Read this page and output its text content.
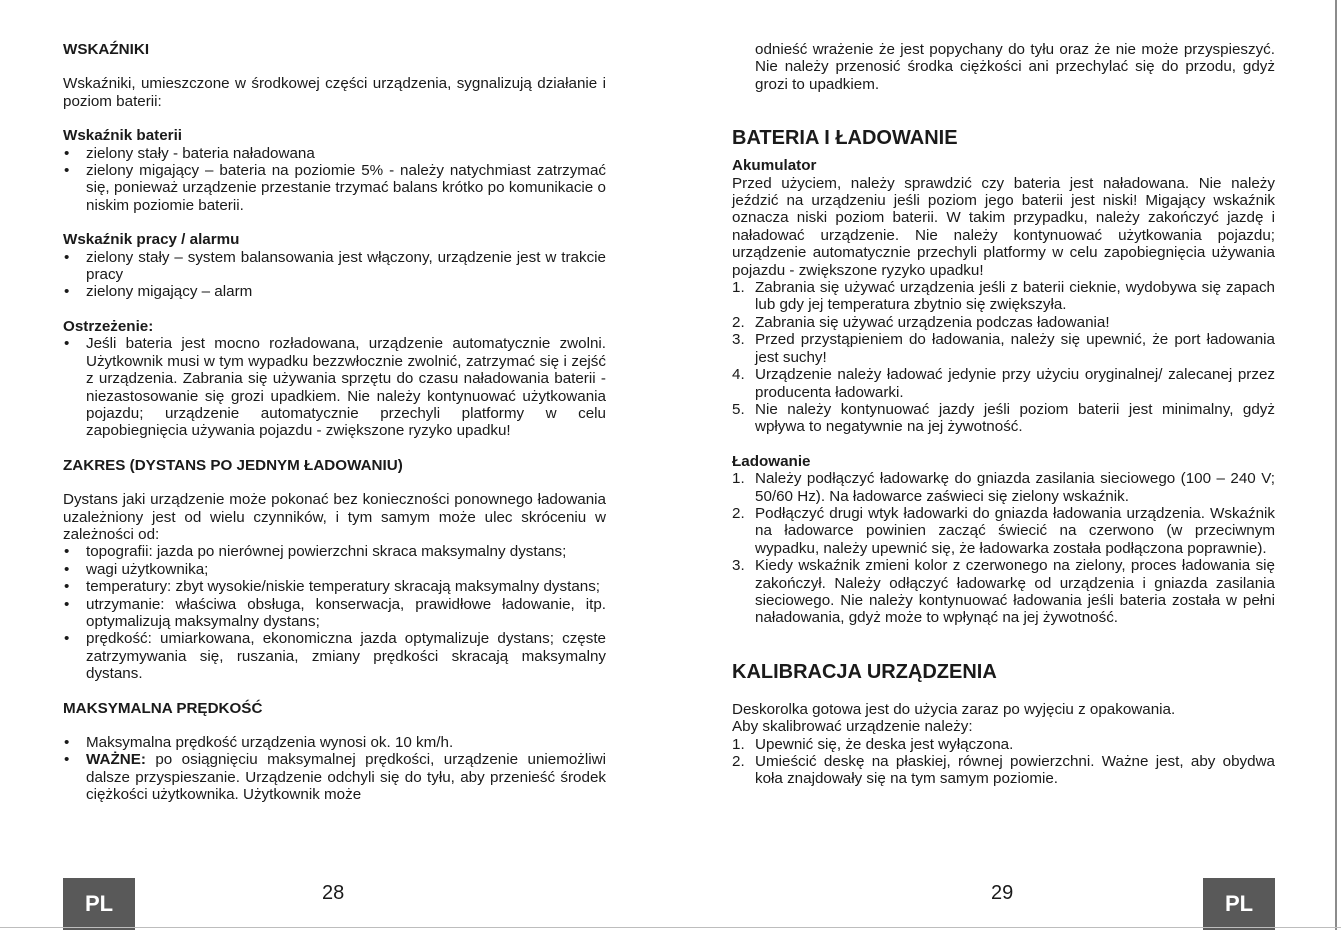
WSKAŹNIKI

Wskaźniki, umieszczone w środkowej części urządzenia, sygnalizują działanie i poziom baterii:

Wskaźnik baterii
• zielony stały - bateria naładowana
• zielony migający – bateria na poziomie 5% - należy natychmiast zatrzymać się, ponieważ urządzenie przestanie trzymać balans krótko po komunikacie o niskim poziomie baterii.
Wskaźnik pracy / alarmu
• zielony stały – system balansowania jest włączony, urządzenie jest w trakcie pracy
• zielony migający – alarm
Ostrzeżenie:
• Jeśli bateria jest mocno rozładowana, urządzenie automatycznie zwolni. Użytkownik musi w tym wypadku bezzwłocznie zwolnić, zatrzymać się i zejść z urządzenia. Zabrania się używania sprzętu do czasu naładowania baterii - niezastosowanie się grozi upadkiem. Nie należy kontynuować użytkowania pojazdu; urządzenie automatycznie przechyli platformy w celu zapobiegnięcia używania pojazdu - zwiększone ryzyko upadku!
ZAKRES (DYSTANS PO JEDNYM ŁADOWANIU)

Dystans jaki urządzenie może pokonać bez konieczności ponownego ładowania uzależniony jest od wielu czynników, i tym samym może ulec skróceniu w zależności od:

• topografii: jazda po nierównej powierzchni skraca maksymalny dystans;
• wagi użytkownika;
• temperatury: zbyt wysokie/niskie temperatury skracają maksymalny dystans;
• utrzymanie: właściwa obsługa, konserwacja, prawidłowe ładowanie, itp. optymalizują maksymalny dystans;
• prędkość: umiarkowana, ekonomiczna jazda optymalizuje dystans; częste zatrzymywania się, ruszania, zmiany prędkości skracają maksymalny dystans.
MAKSYMALNA PRĘDKOŚĆ
• Maksymalna prędkość urządzenia wynosi ok. 10 km/h.
• WAŻNE: po osiągnięciu maksymalnej prędkości, urządzenie uniemożliwi dalsze przyspieszanie. Urządzenie odchyli się do tyłu, aby przenieść środek ciężkości użytkownika. Użytkownik może
PL	28

odnieść wrażenie że jest popychany do tyłu oraz że nie może przyspieszyć. Nie należy przenosić środka ciężkości ani przechylać się do przodu, gdyż grozi to upadkiem.

BATERIA I ŁADOWANIE
Akumulator

Przed użyciem, należy sprawdzić czy bateria jest naładowana. Nie należy jeździć na urządzeniu jeśli poziom jego baterii jest niski! Migający wskaźnik oznacza niski poziom baterii. W takim przypadku, należy zakończyć jazdę i naładować urządzenie. Nie należy kontynuować użytkowania pojazdu; urządzenie automatycznie przechyli platformy w celu zapobiegnięcia używania pojazdu - zwiększone ryzyko upadku!

1. Zabrania się używać urządzenia jeśli z baterii cieknie, wydobywa się zapach lub gdy jej temperatura zbytnio się zwiększyła.
2. Zabrania się używać urządzenia podczas ładowania!
3. Przed przystąpieniem do ładowania, należy się upewnić, że port ładowania jest suchy!
4. Urządzenie należy ładować jedynie przy użyciu oryginalnej/ zalecanej przez producenta ładowarki.
5. Nie należy kontynuować jazdy jeśli poziom baterii jest minimalny, gdyż wpływa to negatywnie na jej żywotność.
Ładowanie
1. Należy podłączyć ładowarkę do gniazda zasilania sieciowego (100 – 240 V; 50/60 Hz). Na ładowarce zaświeci się zielony wskaźnik.
2. Podłączyć drugi wtyk ładowarki do gniazda ładowania urządzenia. Wskaźnik na ładowarce powinien zacząć świecić na czerwono (w przeciwnym wypadku, należy upewnić się, że ładowarka została podłączona poprawnie).
3. Kiedy wskaźnik zmieni kolor z czerwonego na zielony, proces ładowania się zakończył. Należy odłączyć ładowarkę od urządzenia i gniazda zasilania sieciowego. Nie należy kontynuować ładowania jeśli bateria została w pełni naładowania, gdyż może to wpłynąć na jej żywotność.
KALIBRACJA URZĄDZENIA

Deskorolka gotowa jest do użycia zaraz po wyjęciu z opakowania.

Aby skalibrować urządzenie należy:

1. Upewnić się, że deska jest wyłączona.
2. Umieścić deskę na płaskiej, równej powierzchni. Ważne jest, aby obydwa koła znajdowały się na tym samym poziomie.
29	PL
